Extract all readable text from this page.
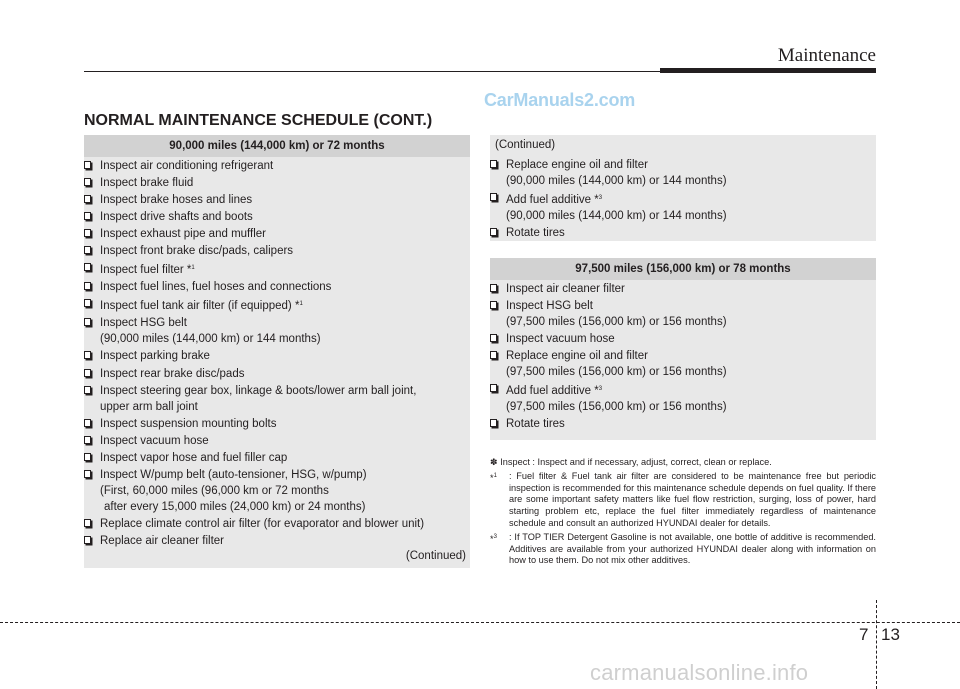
Maintenance
CarManuals2.com
NORMAL MAINTENANCE SCHEDULE (CONT.)
90,000 miles (144,000 km) or 72 months
Inspect air conditioning refrigerant
Inspect brake fluid
Inspect brake hoses and lines
Inspect drive shafts and boots
Inspect exhaust pipe and muffler
Inspect front brake disc/pads, calipers
Inspect fuel filter *$^1$
Inspect fuel lines, fuel hoses and connections
Inspect fuel tank air filter (if equipped) *$^1$
Inspect HSG belt
(90,000 miles (144,000 km) or 144 months)
Inspect parking brake
Inspect rear brake disc/pads
Inspect steering gear box, linkage & boots/lower arm ball joint,
upper arm ball joint
Inspect suspension mounting bolts
Inspect vacuum hose
Inspect vapor hose and fuel filler cap
Inspect W/pump belt (auto-tensioner, HSG, w/pump)
(First, 60,000 miles (96,000 km or 72 months
after every 15,000 miles (24,000 km) or 24 months)
Replace climate control air filter (for evaporator and blower unit)
Replace air cleaner filter
(Continued)
(Continued)
Replace engine oil and filter
(90,000 miles (144,000 km) or 144 months)
Add fuel additive *$^3$
(90,000 miles (144,000 km) or 144 months)
Rotate tires
97,500 miles (156,000 km) or 78 months
Inspect air cleaner filter
Inspect HSG belt
(97,500 miles (156,000 km) or 156 months)
Inspect vacuum hose
Replace engine oil and filter
(97,500 miles (156,000 km) or 156 months)
Add fuel additive *$^3$
(97,500 miles (156,000 km) or 156 months)
Rotate tires
✽ Inspect : Inspect and if necessary, adjust, correct, clean or replace.
*$^1$ : Fuel filter & Fuel tank air filter are considered to be maintenance free but periodic inspection is recommended for this maintenance schedule depends on fuel quality. If there are some important safety matters like fuel flow restriction, surging, loss of power, hard starting problem etc, replace the fuel filter immediately regardless of maintenance schedule and consult an authorized HYUNDAI dealer for details.
*$^3$ : If TOP TIER Detergent Gasoline is not available, one bottle of additive is recommended. Additives are available from your authorized HYUNDAI dealer along with information on how to use them. Do not mix other additives.
7 13
carmanualsonline.info
